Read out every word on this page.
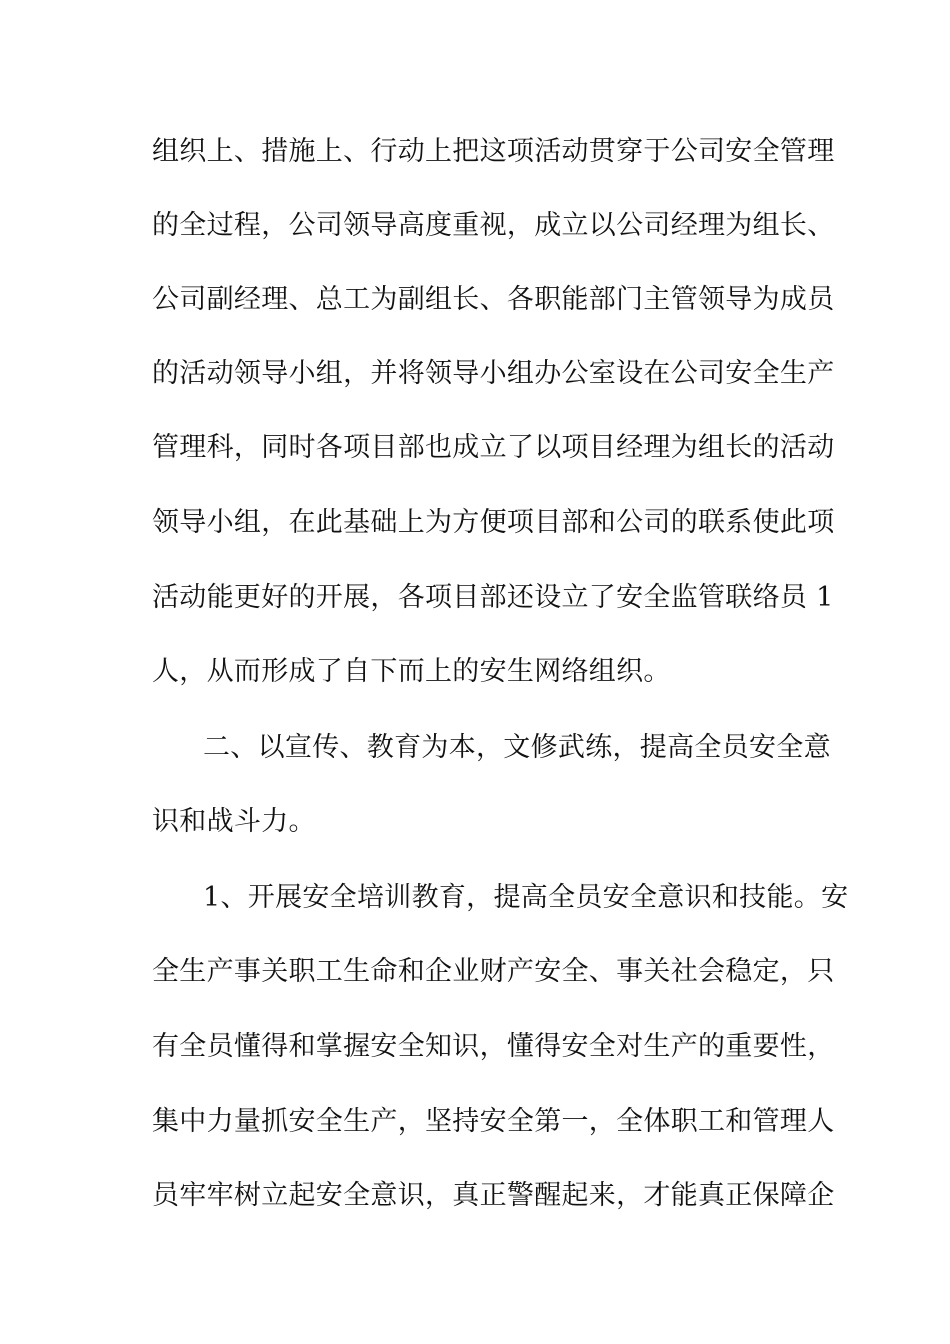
组织上、措施上、行动上把这项活动贯穿于公司安全管理
的全过程，公司领导高度重视，成立以公司经理为组长、
公司副经理、总工为副组长、各职能部门主管领导为成员
的活动领导小组，并将领导小组办公室设在公司安全生产
管理科，同时各项目部也成立了以项目经理为组长的活动
领导小组，在此基础上为方便项目部和公司的联系使此项
活动能更好的开展，各项目部还设立了安全监管联络员 1
人，从而形成了自下而上的安生网络组织。
二、以宣传、教育为本，文修武练，提高全员安全意
识和战斗力。
1、开展安全培训教育，提高全员安全意识和技能。安
全生产事关职工生命和企业财产安全、事关社会稳定，只
有全员懂得和掌握安全知识，懂得安全对生产的重要性，
集中力量抓安全生产，坚持安全第一，全体职工和管理人
员牢牢树立起安全意识，真正警醒起来，才能真正保障企
